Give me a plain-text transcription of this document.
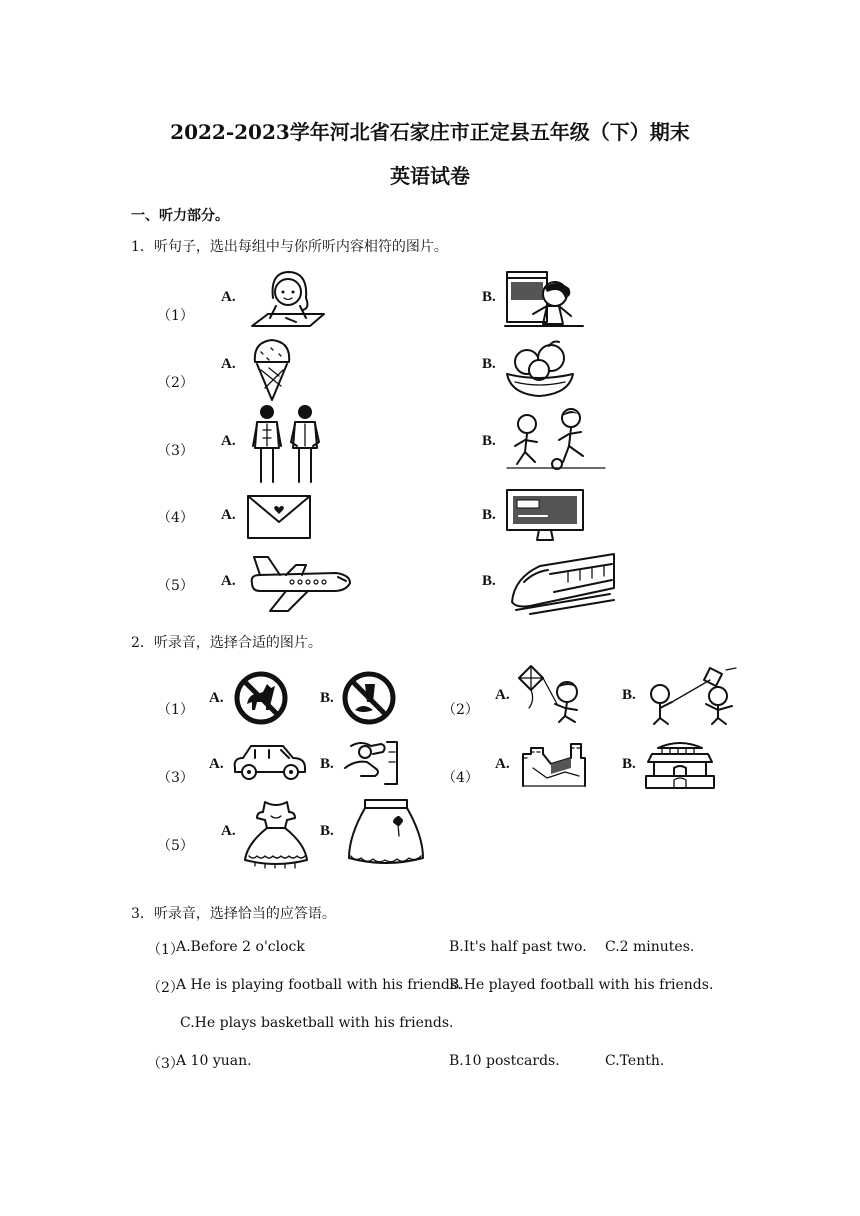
2022-2023学年河北省石家庄市正定县五年级（下）期末
英语试卷
一、听力部分。
1．听句子，选出每组中与你所听内容相符的图片。
（1）
A.	B.
（2）
A.	B.
（3）
A.	B.
（4） A.	B.
（5） A.	B.
2．听录音，选择合适的图片。
（1）
A.	B.
（2）
A.	B.
（3）
A.	B.
（4）
A.	B.
（5）
A.	B.
3．听录音，选择恰当的应答语。
（1）
A.Before 2 o'clock	B.It's half past two. C.2 minutes.
（2）
A He is playing football with his friends.
B.He played football with his friends.
C.He plays basketball with his friends.
（3）
A 10 yuan.	B.10 postcards.	C.Tenth.
